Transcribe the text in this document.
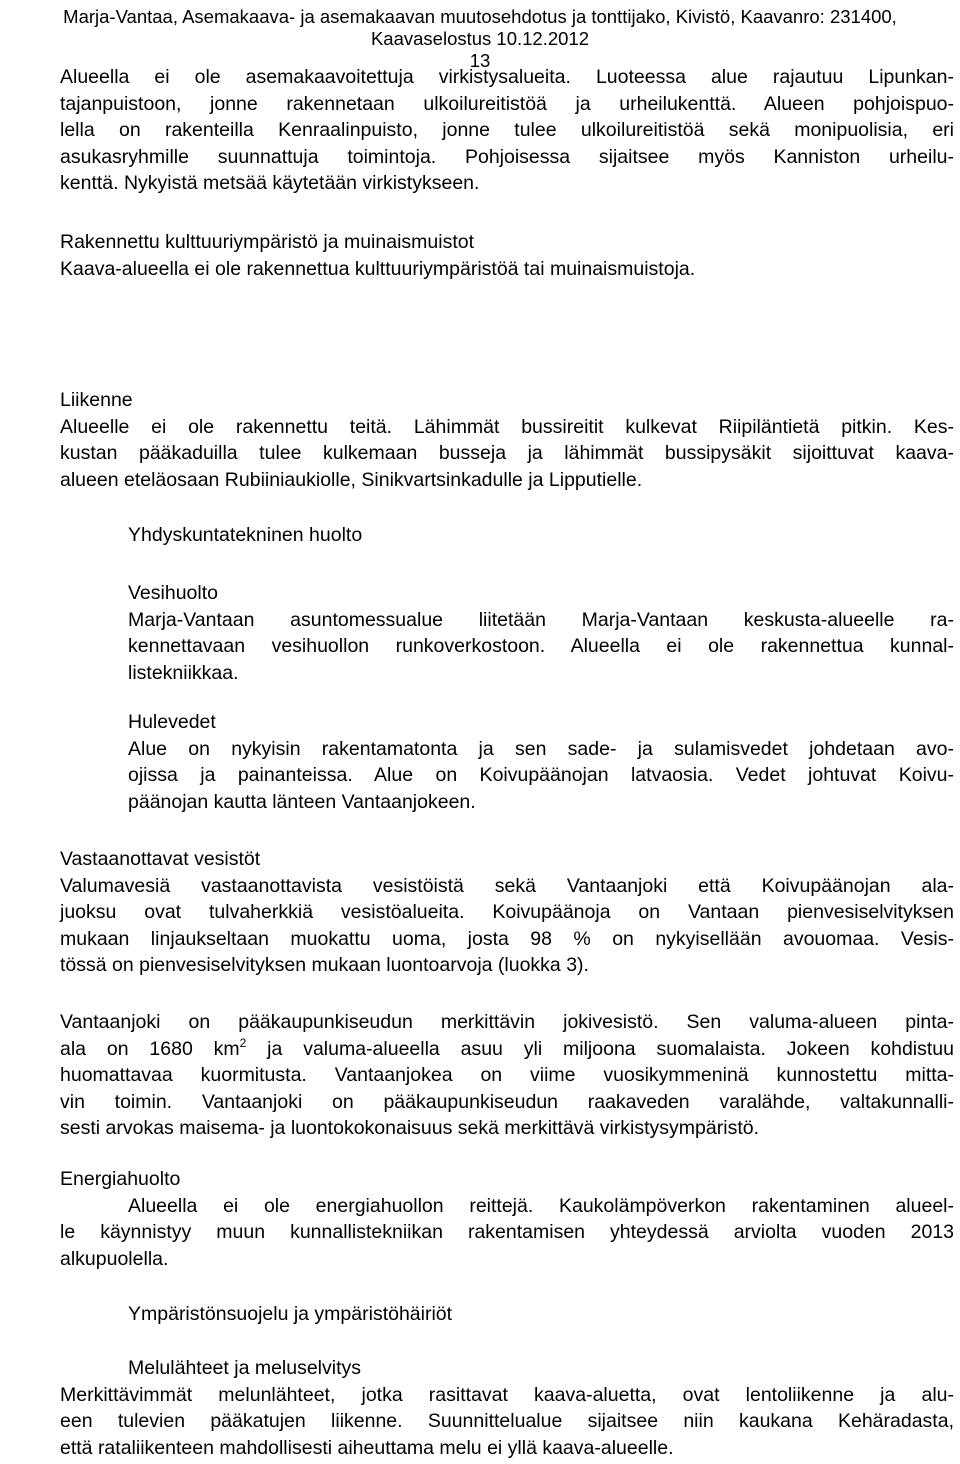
Marja-Vantaa, Asemakaava- ja asemakaavan muutosehdotus ja tonttijako, Kivistö, Kaavanro: 231400,
Kaavaselostus 10.12.2012
13
Alueella ei ole asemakaavoitettuja virkistysalueita. Luoteessa alue rajautuu Lipunkan-
tajanpuistoon, jonne rakennetaan ulkoilureitistöä ja urheilukenttä. Alueen pohjoispuo-
lella on rakenteilla Kenraalinpuisto, jonne tulee ulkoilureitistöä sekä monipuolisia, eri
asukasryhmille suunnattuja toimintoja. Pohjoisessa sijaitsee myös Kanniston urheilu-
kenttä. Nykyistä metsää käytetään virkistykseen.
Rakennettu kulttuuriympäristö ja muinaismuistot
Kaava-alueella ei ole rakennettua kulttuuriympäristöä tai muinaismuistoja.
Liikenne
Alueelle ei ole rakennettu teitä. Lähimmät bussireitit kulkevat Riipiläntietä pitkin. Kes-
kustan pääkaduilla tulee kulkemaan busseja ja lähimmät bussipysäkit sijoittuvat kaava-
alueen eteläosaan Rubiiniaukiolle, Sinikvartsinkadulle ja Lipputielle.
Yhdyskuntatekninen huolto
Vesihuolto
Marja-Vantaan asuntomessualue liitetään Marja-Vantaan keskusta-alueelle ra-
kennettavaan vesihuollon runkoverkostoon. Alueella ei ole rakennettua kunnal-
listekniikkaa.
Hulevedet
Alue on nykyisin rakentamatonta ja sen sade- ja sulamisvedet johdetaan avo-
ojissa ja painanteissa. Alue on Koivupäänojan latvaosia. Vedet johtuvat Koivu-
päänojan kautta länteen Vantaanjokeen.
Vastaanottavat vesistöt
Valumavesiä vastaanottavista vesistöistä sekä Vantaanjoki että Koivupäänojan ala-
juoksu ovat tulvaherkkiä vesistöalueita. Koivupäänoja on Vantaan pienvesiselvityksen
mukaan linjaukseltaan muokattu uoma, josta 98 % on nykyisellään avouomaa. Vesis-
tössä on pienvesiselvityksen mukaan luontoarvoja (luokka 3).
Vantaanjoki on pääkaupunkiseudun merkittävin jokivesistö. Sen valuma-alueen pinta-
ala on 1680 $km^2$ ja valuma-alueella asuu yli miljoona suomalaista. Jokeen kohdistuu
huomattavaa kuormitusta. Vantaanjokea on viime vuosikymmeninä kunnostettu mitta-
vin toimin. Vantaanjoki on pääkaupunkiseudun raakaveden varalähde, valtakunnalli-
sesti arvokas maisema- ja luontokokonaisuus sekä merkittävä virkistysympäristö.
Energiahuolto
Alueella ei ole energiahuollon reittejä. Kaukolämpöverkon rakentaminen alueel-
le käynnistyy muun kunnallistekniikan rakentamisen yhteydessä arviolta vuoden 2013
alkupuolella.
Ympäristönsuojelu ja ympäristöhäiriöt
Melulähteet ja meluselvitys
Merkittävimmät melunlähteet, jotka rasittavat kaava-aluetta, ovat lentoliikenne ja alu-
een tulevien pääkatujen liikenne. Suunnittelualue sijaitsee niin kaukana Kehäradasta,
että rataliikenteen mahdollisesti aiheuttama melu ei yllä kaava-alueelle.
